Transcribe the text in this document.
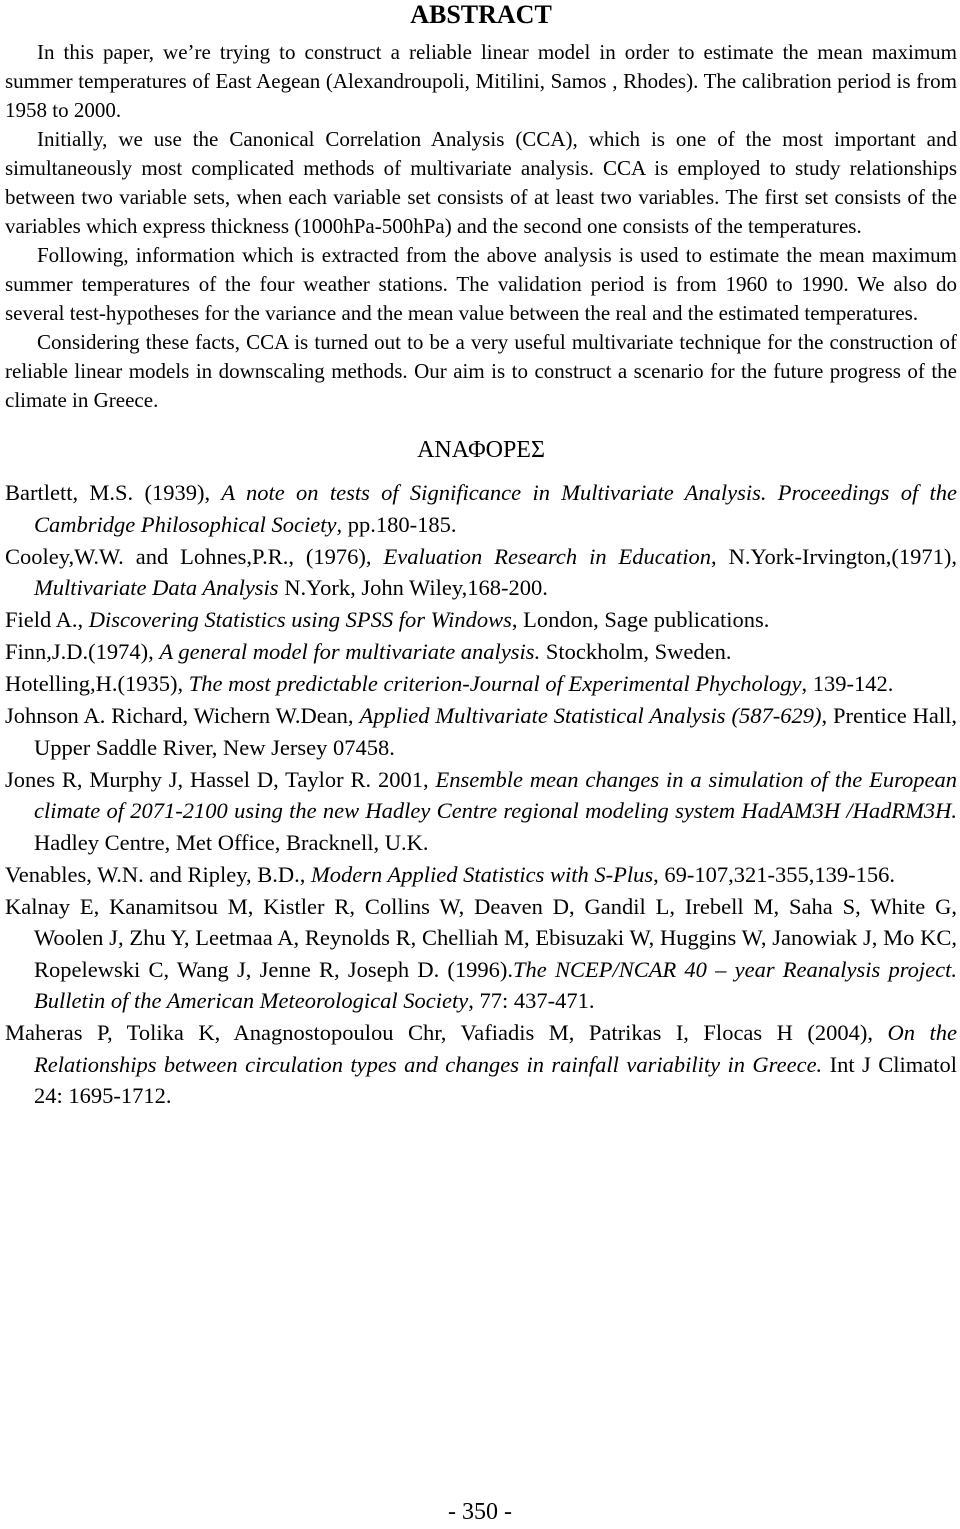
ABSTRACT

In this paper, we’re trying to construct a reliable linear model in order to estimate the mean maximum summer temperatures of East Aegean (Alexandroupoli, Mitilini, Samos , Rhodes). The calibration period is from 1958 to 2000.

Initially, we use the Canonical Correlation Analysis (CCA), which is one of the most important and simultaneously most complicated methods of multivariate analysis. CCA is employed to study relationships between two variable sets, when each variable set consists of at least two variables. The first set consists of the variables which express thickness (1000hPa-500hPa) and the second one consists of the temperatures.

Following, information which is extracted from the above analysis is used to estimate the mean maximum summer temperatures of the four weather stations. The validation period is from 1960 to 1990. We also do several test-hypotheses for the variance and the mean value between the real and the estimated temperatures.

Considering these facts, CCA is turned out to be a very useful multivariate technique for the construction of reliable linear models in downscaling methods. Our aim is to construct a scenario for the future progress of the climate in Greece.

ΑΝΑΦΟΡΕΣ

Bartlett, M.S. (1939), A note on tests of Significance in Multivariate Analysis. Proceedings of the Cambridge Philosophical Society, pp.180-185.

Cooley,W.W. and Lohnes,P.R., (1976), Evaluation Research in Education, N.York-Irvington,(1971), Multivariate Data Analysis N.York, John Wiley,168-200.

Field A., Discovering Statistics using SPSS for Windows, London, Sage publications.

Finn,J.D.(1974), A general model for multivariate analysis. Stockholm, Sweden.

Hotelling,H.(1935), The most predictable criterion-Journal of Experimental Phychology, 139-142.

Johnson A. Richard, Wichern W.Dean, Applied Multivariate Statistical Analysis (587-629), Prentice Hall, Upper Saddle River, New Jersey 07458.

Jones R, Murphy J, Hassel D, Taylor R. 2001, Ensemble mean changes in a simulation of the European climate of 2071-2100 using the new Hadley Centre regional modeling system HadAM3H /HadRM3H. Hadley Centre, Met Office, Bracknell, U.K.

Venables, W.N. and Ripley, B.D., Modern Applied Statistics with S-Plus, 69-107,321-355,139-156.

Kalnay E, Kanamitsou M, Kistler R, Collins W, Deaven D, Gandil L, Irebell M, Saha S, White G, Woolen J, Zhu Y, Leetmaa A, Reynolds R, Chelliah M, Ebisuzaki W, Huggins W, Janowiak J, Mo KC, Ropelewski C, Wang J, Jenne R, Joseph D. (1996).The NCEP/NCAR 40 – year Reanalysis project. Bulletin of the American Meteorological Society, 77: 437-471.

Maheras P, Tolika K, Anagnostopoulou Chr, Vafiadis M, Patrikas I, Flocas H (2004), On the Relationships between circulation types and changes in rainfall variability in Greece. Int J Climatol 24: 1695-1712.

- 350 -
